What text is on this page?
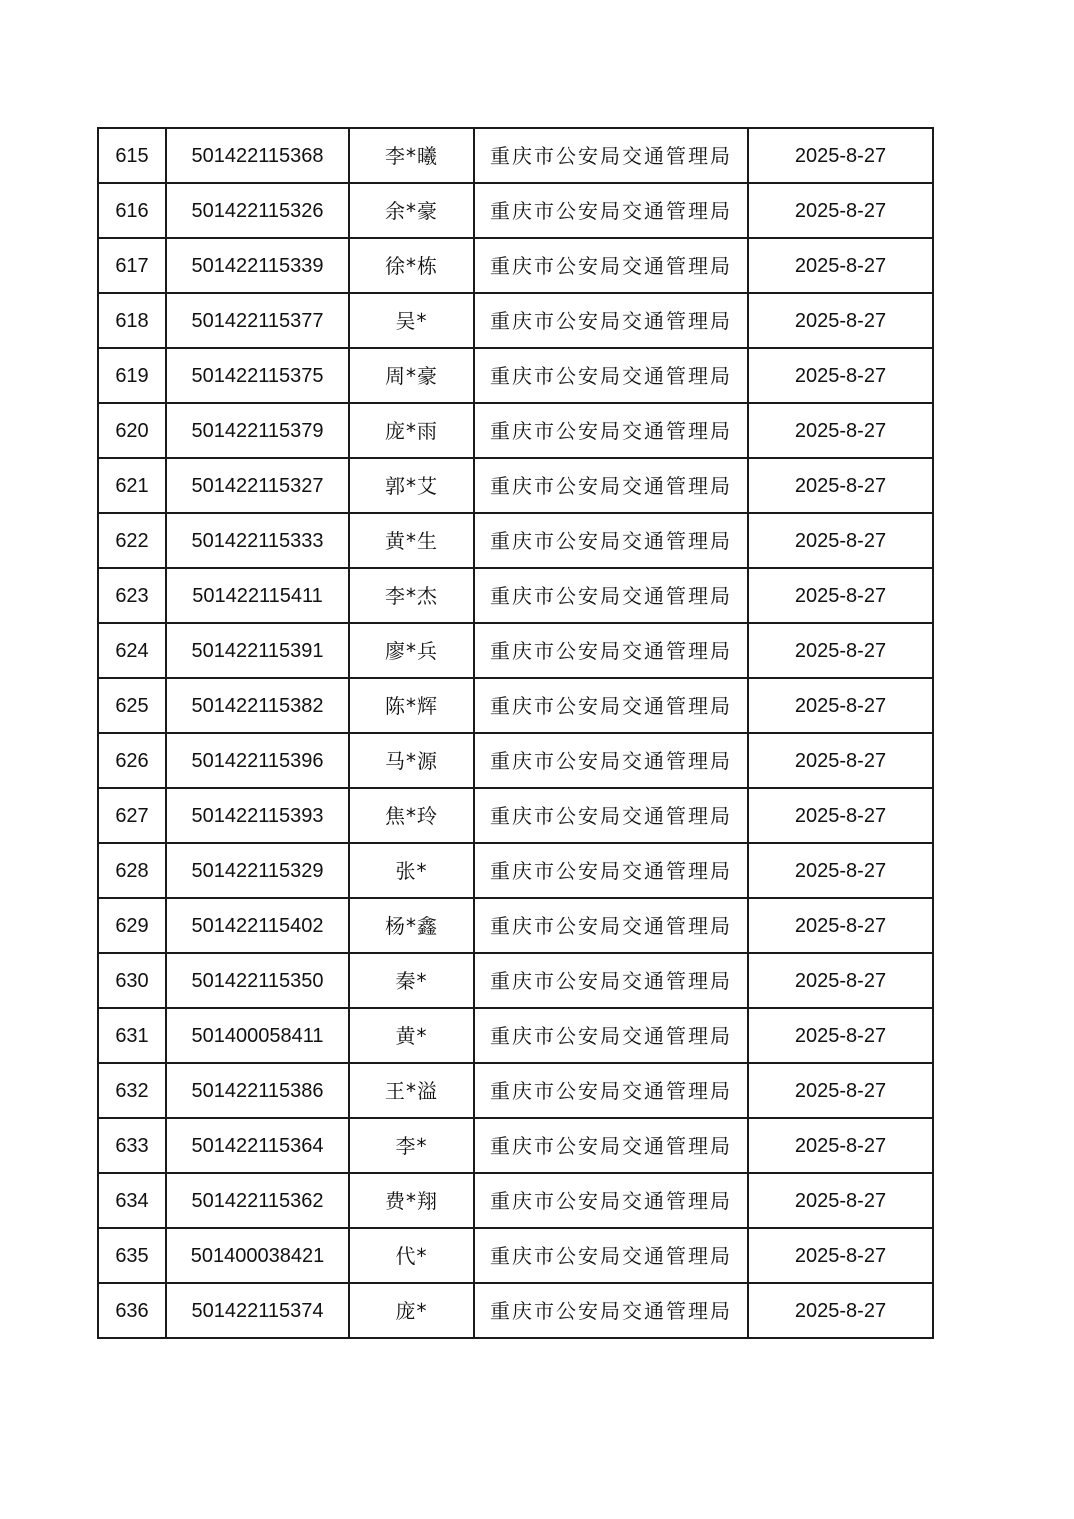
615	501422115368	李*曦	重庆市公安局交通管理局	2025-8-27
616	501422115326	余*豪	重庆市公安局交通管理局	2025-8-27
617	501422115339	徐*栋	重庆市公安局交通管理局	2025-8-27
618	501422115377	吴*	重庆市公安局交通管理局	2025-8-27
619	501422115375	周*豪	重庆市公安局交通管理局	2025-8-27
620	501422115379	庞*雨	重庆市公安局交通管理局	2025-8-27
621	501422115327	郭*艾	重庆市公安局交通管理局	2025-8-27
622	501422115333	黄*生	重庆市公安局交通管理局	2025-8-27
623	501422115411	李*杰	重庆市公安局交通管理局	2025-8-27
624	501422115391	廖*兵	重庆市公安局交通管理局	2025-8-27
625	501422115382	陈*辉	重庆市公安局交通管理局	2025-8-27
626	501422115396	马*源	重庆市公安局交通管理局	2025-8-27
627	501422115393	焦*玲	重庆市公安局交通管理局	2025-8-27
628	501422115329	张*	重庆市公安局交通管理局	2025-8-27
629	501422115402	杨*鑫	重庆市公安局交通管理局	2025-8-27
630	501422115350	秦*	重庆市公安局交通管理局	2025-8-27
631	501400058411	黄*	重庆市公安局交通管理局	2025-8-27
632	501422115386	王*溢	重庆市公安局交通管理局	2025-8-27
633	501422115364	李*	重庆市公安局交通管理局	2025-8-27
634	501422115362	费*翔	重庆市公安局交通管理局	2025-8-27
635	501400038421	代*	重庆市公安局交通管理局	2025-8-27
636	501422115374	庞*	重庆市公安局交通管理局	2025-8-27
